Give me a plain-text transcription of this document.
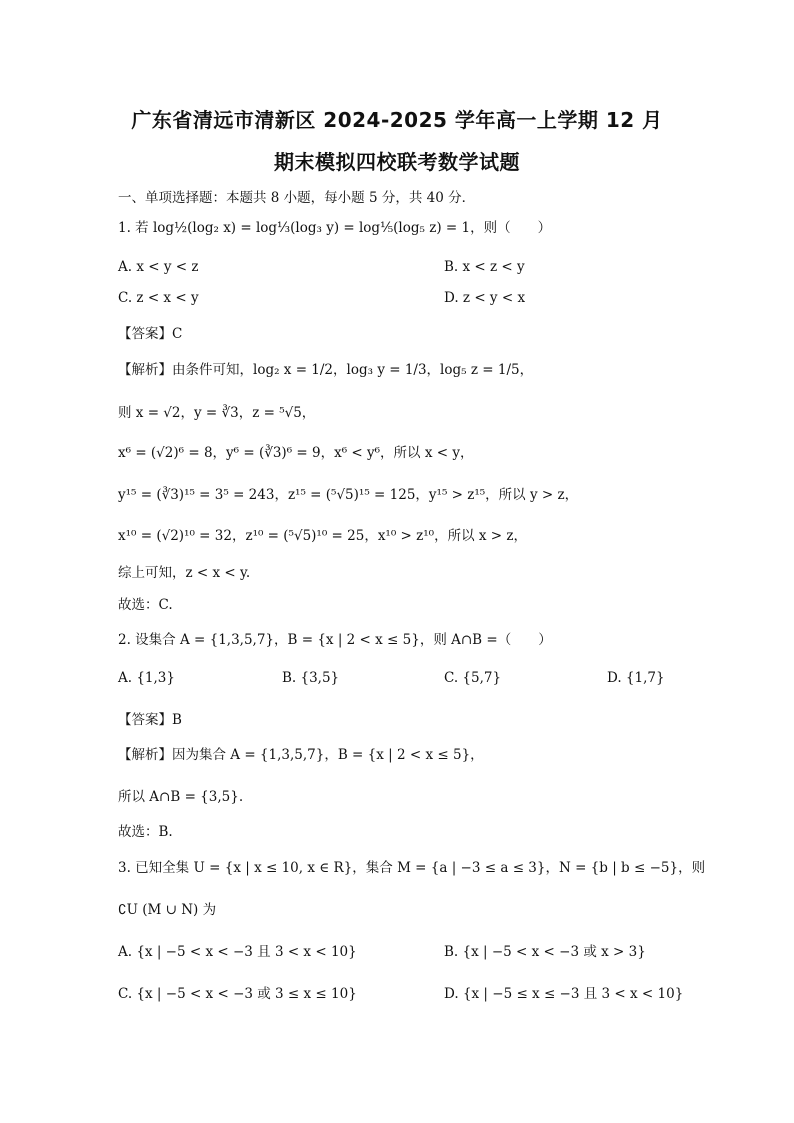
广东省清远市清新区 2024-2025 学年高一上学期 12 月
期末模拟四校联考数学试题
一、单项选择题：本题共 8 小题，每小题 5 分，共 40 分．
1. 若 log½(log₂ x) = log⅓(log₃ y) = log⅕(log₅ z) = 1，则（　　）
A. x < y < z	B. x < z < y
C. z < x < y	D. z < y < x
【答案】C
【解析】由条件可知，log₂ x = 1/2，log₃ y = 1/3，log₅ z = 1/5，
则 x = √2，y = ∛3，z = ⁵√5，
x⁶ = (√2)⁶ = 8，y⁶ = (∛3)⁶ = 9，x⁶ < y⁶，所以 x < y，
y¹⁵ = (∛3)¹⁵ = 3⁵ = 243，z¹⁵ = (⁵√5)¹⁵ = 125，y¹⁵ > z¹⁵，所以 y > z，
x¹⁰ = (√2)¹⁰ = 32，z¹⁰ = (⁵√5)¹⁰ = 25，x¹⁰ > z¹⁰，所以 x > z，
综上可知，z < x < y.
故选：C.
2. 设集合 A = {1,3,5,7}，B = {x | 2 < x ≤ 5}，则 A∩B =（　　）
A. {1,3}	B. {3,5}	C. {5,7}	D. {1,7}
【答案】B
【解析】因为集合 A = {1,3,5,7}，B = {x | 2 < x ≤ 5}，
所以 A∩B = {3,5}.
故选：B.
3. 已知全集 U = {x | x ≤ 10, x ∈ R}，集合 M = {a | −3 ≤ a ≤ 3}，N = {b | b ≤ −5}，则
∁U (M ∪ N) 为
A. {x | −5 < x < −3 且 3 < x < 10}	B. {x | −5 < x < −3 或 x > 3}
C. {x | −5 < x < −3 或 3 ≤ x ≤ 10}	D. {x | −5 ≤ x ≤ −3 且 3 < x < 10}
